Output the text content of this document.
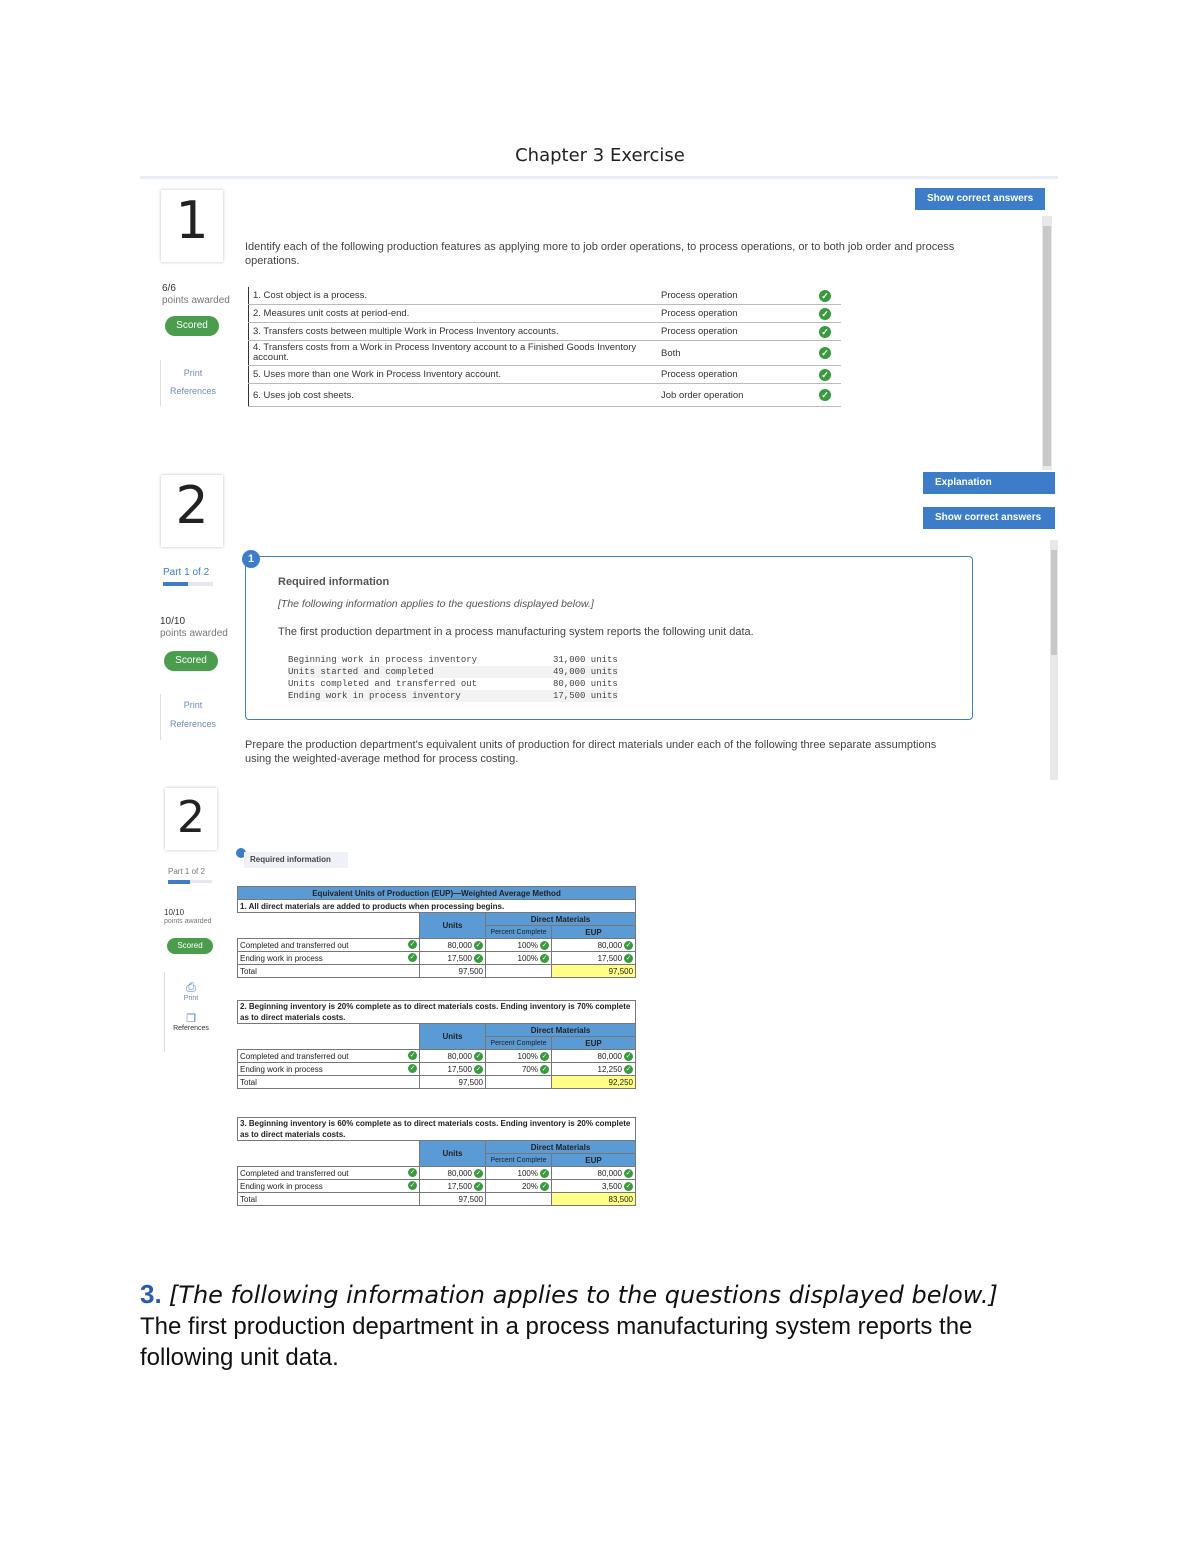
Chapter 3 Exercise
1
6/6
points awarded
Scored
Print
References
Show correct answers
Identify each of the following production features as applying more to job order operations, to process operations, or to both job order and process operations.
1. Cost object is a process.	Process operation	✓
2. Measures unit costs at period-end.	Process operation	✓
3. Transfers costs between multiple Work in Process Inventory accounts.	Process operation	✓
4. Transfers costs from a Work in Process Inventory account to a Finished Goods Inventory account.	Both	✓
5. Uses more than one Work in Process Inventory account.	Process operation	✓
6. Uses job cost sheets.	Job order operation	✓
2
Part 1 of 2
10/10
points awarded
Scored
Print
References
Explanation
Show correct answers
1
Required information
[The following information applies to the questions displayed below.]
The first production department in a process manufacturing system reports the following unit data.
Beginning work in process inventory	31,000 units
Units started and completed	49,000 units
Units completed and transferred out	80,000 units
Ending work in process inventory	17,500 units
Prepare the production department's equivalent units of production for direct materials under each of the following three separate assumptions using the weighted-average method for process costing.
2
Part 1 of 2
10/10
points awarded
Scored
⎙
Print
❐
References
Required information
Equivalent Units of Production (EUP)—Weighted Average Method			
1. All direct materials are added to products when processing begins.			
	Units	Direct Materials	
		Percent Complete	EUP
Completed and transferred out ✓	80,000 ✓	100% ✓	80,000 ✓
Ending work in process ✓	17,500 ✓	100% ✓	17,500 ✓
Total	97,500		97,500
2. Beginning inventory is 20% complete as to direct materials costs. Ending inventory is 70% complete as to direct materials costs.			
	Units	Direct Materials	
		Percent Complete	EUP
Completed and transferred out ✓	80,000 ✓	100% ✓	80,000 ✓
Ending work in process ✓	17,500 ✓	70% ✓	12,250 ✓
Total	97,500		92,250
3. Beginning inventory is 60% complete as to direct materials costs. Ending inventory is 20% complete as to direct materials costs.			
	Units	Direct Materials	
		Percent Complete	EUP
Completed and transferred out ✓	80,000 ✓	100% ✓	80,000 ✓
Ending work in process ✓	17,500 ✓	20% ✓	3,500 ✓
Total	97,500		83,500
3. [The following information applies to the questions displayed below.]
The first production department in a process manufacturing system reports the following unit data.
